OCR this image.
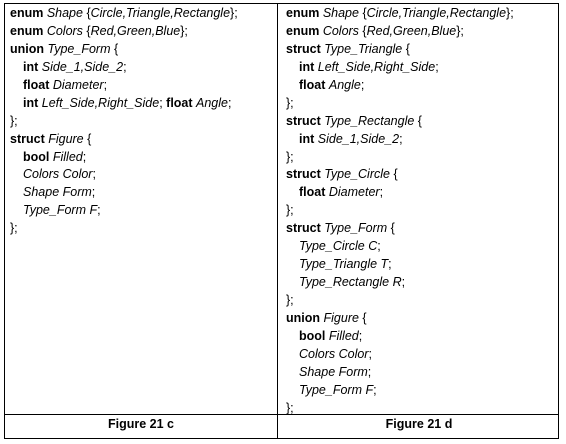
enum Shape {Circle,Triangle,Rectangle};
enum Colors {Red,Green,Blue};
union Type_Form {
int Side_1,Side_2;
float Diameter;
int Left_Side,Right_Side; float Angle;
};
struct Figure {
bool Filled;
Colors Color;
Shape Form;
Type_Form F;
};
enum Shape {Circle,Triangle,Rectangle};
enum Colors {Red,Green,Blue};
struct Type_Triangle {
int Left_Side,Right_Side;
float Angle;
};
struct Type_Rectangle {
int Side_1,Side_2;
};
struct Type_Circle {
float Diameter;
};
struct Type_Form {
Type_Circle C;
Type_Triangle T;
Type_Rectangle R;
};
union Figure {
bool Filled;
Colors Color;
Shape Form;
Type_Form F;
};
Figure 21 c	Figure 21 d
